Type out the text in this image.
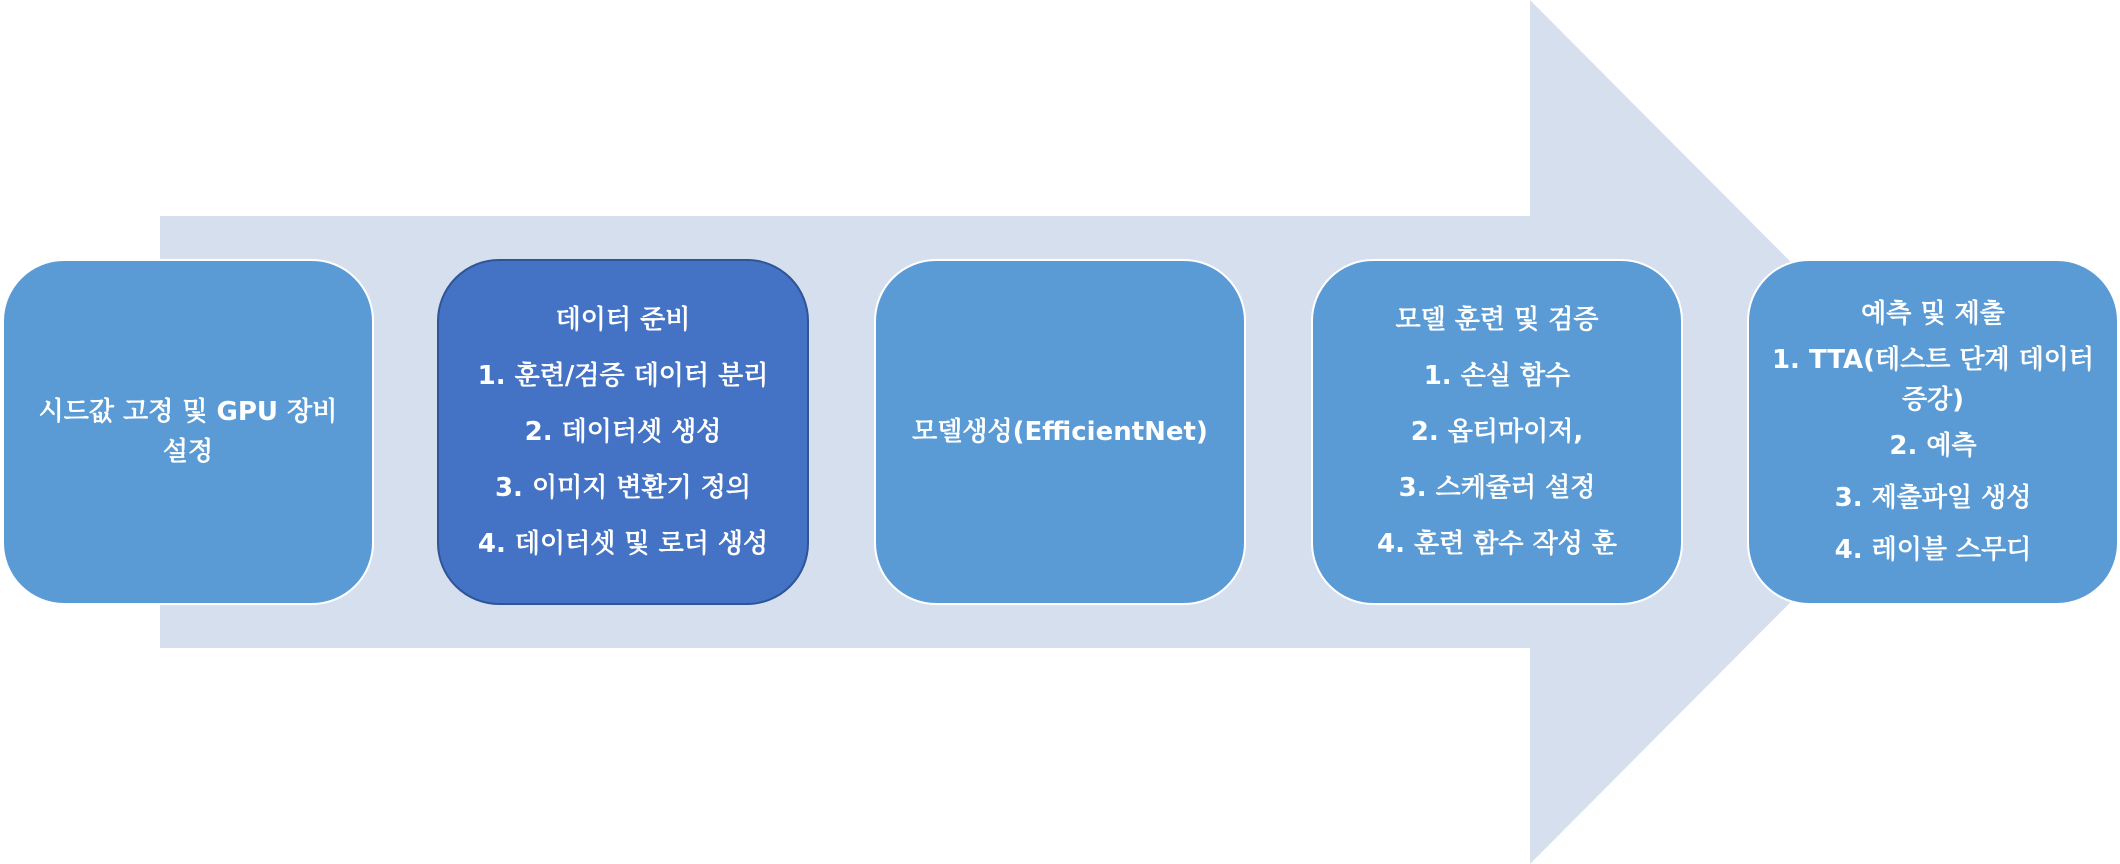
시드값 고정 및 GPU 장비 설정
데이터 준비
1. 훈련/검증 데이터 분리
2. 데이터셋 생성
3. 이미지 변환기 정의
4. 데이터셋 및 로더 생성
모델생성(EfficientNet)
모델 훈련 및 검증
1. 손실 함수
2. 옵티마이저,
3. 스케쥴러 설정
4. 훈련 함수 작성 훈
예측 및 제출
1. TTA(테스트 단계 데이터 증강)
2. 예측
3. 제출파일 생성
4. 레이블 스무디
